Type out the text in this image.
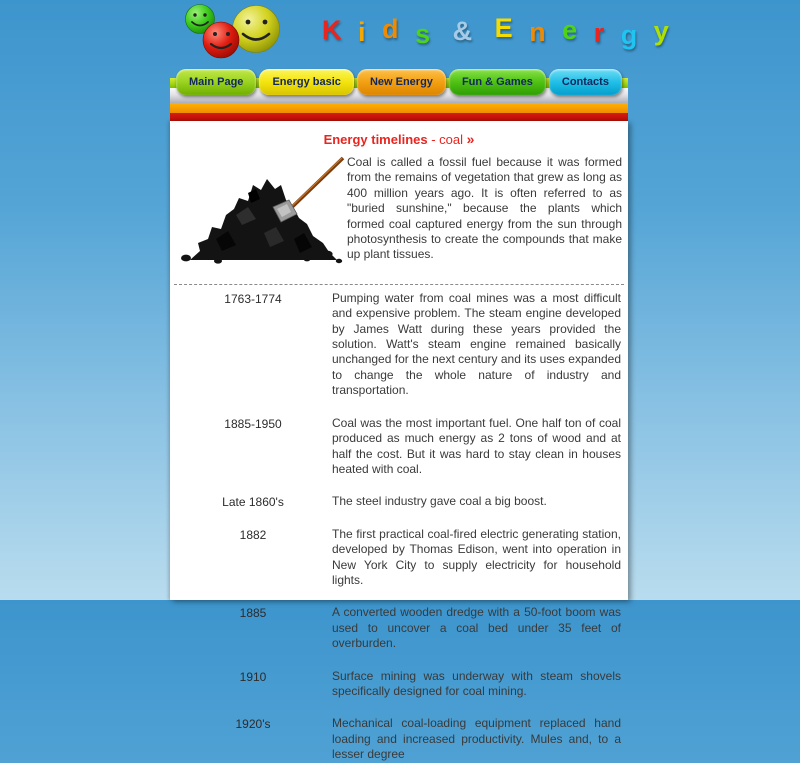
K i d s & E n e r g y
Main Page	Energy basic	New Energy	Fun & Games	Contacts
Energy timelines - coal »

Coal is called a fossil fuel because it was formed from the remains of vegetation that grew as long as 400 million years ago. It is often referred to as "buried sunshine," because the plants which formed coal captured energy from the sun through photosynthesis to create the compounds that make up plant tissues.

1763-1774	Pumping water from coal mines was a most difficult and expensive problem. The steam engine developed by James Watt during these years provided the solution. Watt's steam engine remained basically unchanged for the next century and its uses expanded to change the whole nature of industry and transportation.
1885-1950	Coal was the most important fuel. One half ton of coal produced as much energy as 2 tons of wood and at half the cost. But it was hard to stay clean in houses heated with coal.
Late 1860's	The steel industry gave coal a big boost.
1882	The first practical coal-fired electric generating station, developed by Thomas Edison, went into operation in New York City to supply electricity for household lights.
1885	A converted wooden dredge with a 50-foot boom was used to uncover a coal bed under 35 feet of overburden.
1910	Surface mining was underway with steam shovels specifically designed for coal mining.
1920's	Mechanical coal-loading equipment replaced hand loading and increased productivity. Mules and, to a lesser degree
